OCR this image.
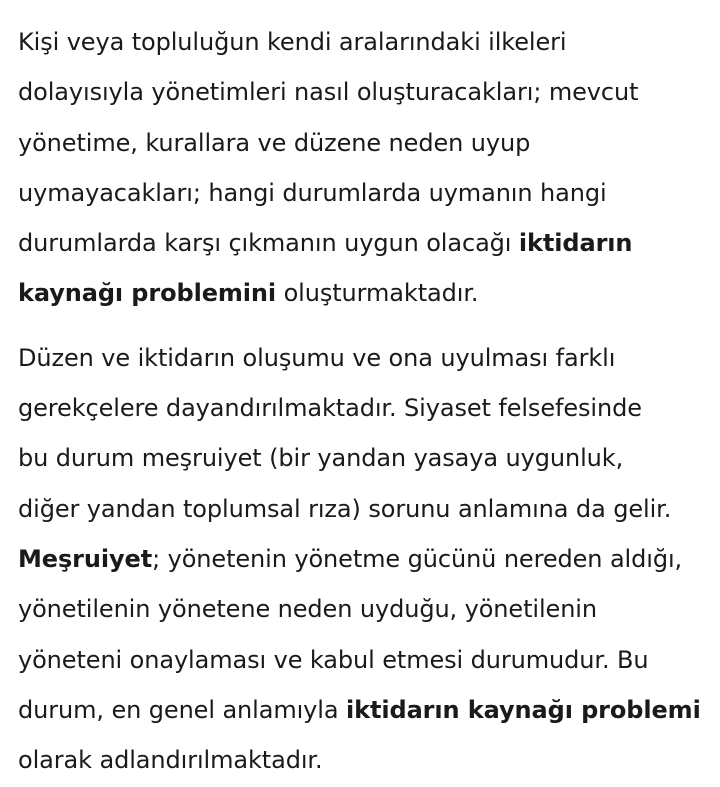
Kişi veya topluluğun kendi aralarındaki ilkeleri
dolayısıyla yönetimleri nasıl oluşturacakları; mevcut
yönetime, kurallara ve düzene neden uyup
uymayacakları; hangi durumlarda uymanın hangi
durumlarda karşı çıkmanın uygun olacağı iktidarın
kaynağı problemini oluşturmaktadır.

Düzen ve iktidarın oluşumu ve ona uyulması farklı
gerekçelere dayandırılmaktadır. Siyaset felsefesinde
bu durum meşruiyet (bir yandan yasaya uygunluk,
diğer yandan toplumsal rıza) sorunu anlamına da gelir.
Meşruiyet; yönetenin yönetme gücünü nereden aldığı,
yönetilenin yönetene neden uyduğu, yönetilenin
yöneteni onaylaması ve kabul etmesi durumudur. Bu
durum, en genel anlamıyla iktidarın kaynağı problemi
olarak adlandırılmaktadır.
